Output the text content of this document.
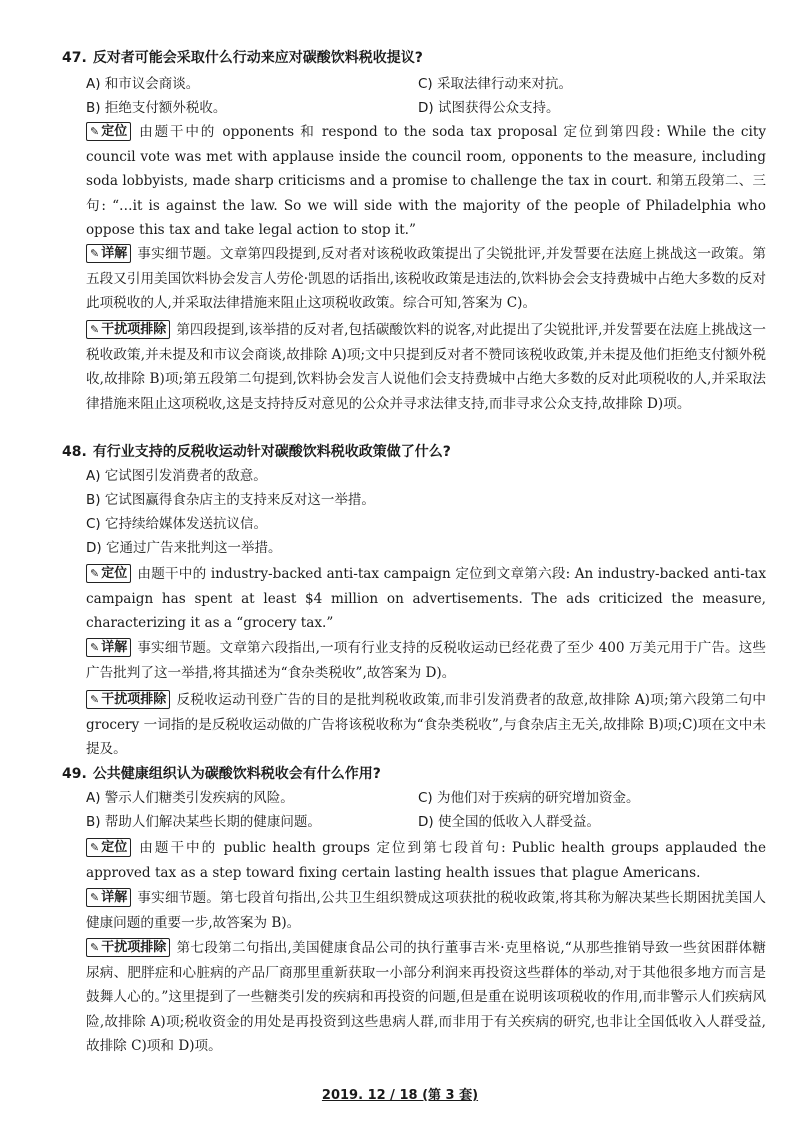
47. 反对者可能会采取什么行动来应对碳酸饮料税收提议?
A) 和市议会商谈。	C) 采取法律行动来对抗。
B) 拒绝支付额外税收。	D) 试图获得公众支持。
✎ 定位 由题干中的 opponents 和 respond to the soda tax proposal 定位到第四段: While the city council vote was met with applause inside the council room, opponents to the measure, including soda lobbyists, made sharp criticisms and a promise to challenge the tax in court. 和第五段第二、三句: “…it is against the law. So we will side with the majority of the people of Philadelphia who oppose this tax and take legal action to stop it.”
✎ 详解 事实细节题。文章第四段提到,反对者对该税收政策提出了尖锐批评,并发誓要在法庭上挑战这一政策。第五段又引用美国饮料协会发言人劳伦·凯恩的话指出,该税收政策是违法的,饮料协会会支持费城中占绝大多数的反对此项税收的人,并采取法律措施来阻止这项税收政策。综合可知,答案为 C)。
✎ 干扰项排除 第四段提到,该举措的反对者,包括碳酸饮料的说客,对此提出了尖锐批评,并发誓要在法庭上挑战这一税收政策,并未提及和市议会商谈,故排除 A)项;文中只提到反对者不赞同该税收政策,并未提及他们拒绝支付额外税收,故排除 B)项;第五段第二句提到,饮料协会发言人说他们会支持费城中占绝大多数的反对此项税收的人,并采取法律措施来阻止这项税收,这是支持持反对意见的公众并寻求法律支持,而非寻求公众支持,故排除 D)项。
48. 有行业支持的反税收运动针对碳酸饮料税收政策做了什么?
A) 它试图引发消费者的敌意。
B) 它试图赢得食杂店主的支持来反对这一举措。
C) 它持续给媒体发送抗议信。
D) 它通过广告来批判这一举措。
✎ 定位 由题干中的 industry-backed anti-tax campaign 定位到文章第六段: An industry-backed anti-tax campaign has spent at least $4 million on advertisements. The ads criticized the measure, characterizing it as a “grocery tax.”
✎ 详解 事实细节题。文章第六段指出,一项有行业支持的反税收运动已经花费了至少 400 万美元用于广告。这些广告批判了这一举措,将其描述为“食杂类税收”,故答案为 D)。
✎ 干扰项排除 反税收运动刊登广告的目的是批判税收政策,而非引发消费者的敌意,故排除 A)项;第六段第二句中 grocery 一词指的是反税收运动做的广告将该税收称为“食杂类税收”,与食杂店主无关,故排除 B)项;C)项在文中未提及。
49. 公共健康组织认为碳酸饮料税收会有什么作用?
A) 警示人们糖类引发疾病的风险。	C) 为他们对于疾病的研究增加资金。
B) 帮助人们解决某些长期的健康问题。	D) 使全国的低收入人群受益。
✎ 定位 由题干中的 public health groups 定位到第七段首句: Public health groups applauded the approved tax as a step toward fixing certain lasting health issues that plague Americans.
✎ 详解 事实细节题。第七段首句指出,公共卫生组织赞成这项获批的税收政策,将其称为解决某些长期困扰美国人健康问题的重要一步,故答案为 B)。
✎ 干扰项排除 第七段第二句指出,美国健康食品公司的执行董事吉米·克里格说,“从那些推销导致一些贫困群体糖尿病、肥胖症和心脏病的产品厂商那里重新获取一小部分利润来再投资这些群体的举动,对于其他很多地方而言是鼓舞人心的。”这里提到了一些糖类引发的疾病和再投资的问题,但是重在说明该项税收的作用,而非警示人们疾病风险,故排除 A)项;税收资金的用处是再投资到这些患病人群,而非用于有关疾病的研究,也非让全国低收入人群受益,故排除 C)项和 D)项。
2019. 12 / 18 (第 3 套)
